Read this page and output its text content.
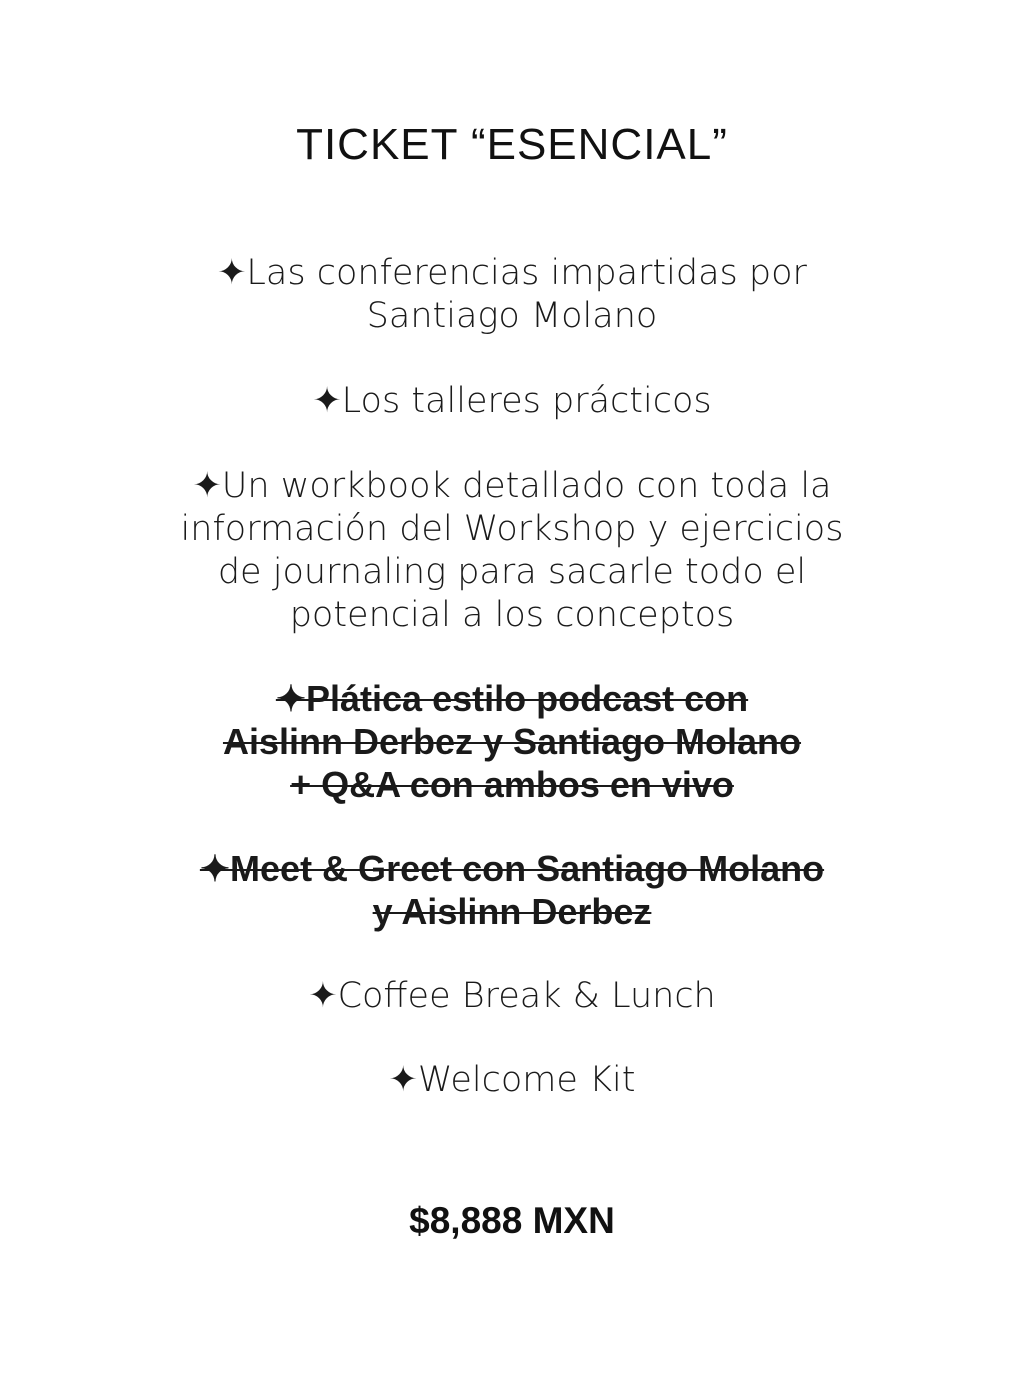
TICKET “ESENCIAL”

✦Las conferencias impartidas por
Santiago Molano

✦Los talleres prácticos

✦Un workbook detallado con toda la
información del Workshop y ejercicios
de journaling para sacarle todo el
potencial a los conceptos

✦Plática estilo podcast con
Aislinn Derbez y Santiago Molano
+ Q&A con ambos en vivo

✦Meet & Greet con Santiago Molano
y Aislinn Derbez

✦Coffee Break & Lunch

✦Welcome Kit

$8,888 MXN
